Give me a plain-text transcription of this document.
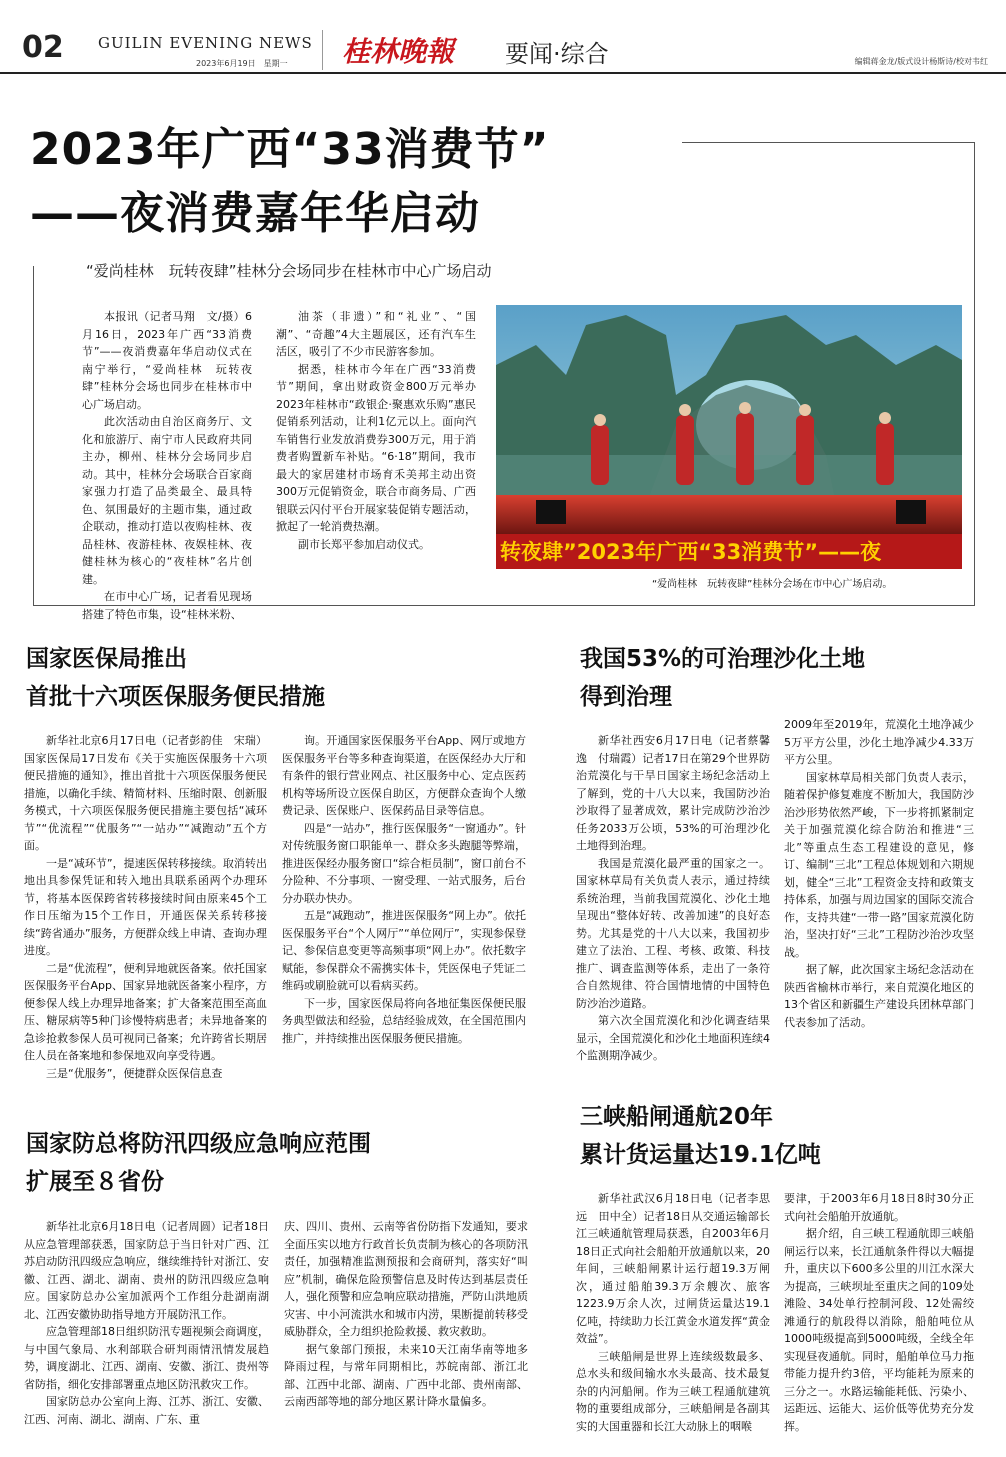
02 GUILIN EVENING NEWS
2023年6月19日　星期一 桂林晚報 要闻·综合	编辑蒋金龙/版式设计杨斯诗/校对韦红
2023年广西“33消费节”
——夜消费嘉年华启动
“爱尚桂林　玩转夜肆”桂林分会场同步在桂林市中心广场启动

本报讯（记者马翔　文/摄）6月16日，2023年广西“33消费节”——夜消费嘉年华启动仪式在南宁举行，“爱尚桂林　玩转夜肆”桂林分会场也同步在桂林市中心广场启动。

此次活动由自治区商务厅、文化和旅游厅、南宁市人民政府共同主办，柳州、桂林分会场同步启动。其中，桂林分会场联合百家商家强力打造了品类最全、最具特色、氛围最好的主题市集，通过政企联动，推动打造以夜购桂林、夜品桂林、夜游桂林、夜娱桂林、夜健桂林为核心的“夜桂林”名片创建。

在市中心广场，记者看见现场搭建了特色市集，设“桂林米粉、

油茶（非遗）”和“礼业”、“国潮”、“奇趣”4大主题展区，还有汽车生活区，吸引了不少市民游客参加。

据悉，桂林市今年在广西“33消费节”期间，拿出财政资金800万元举办2023年桂林市“政银企·聚惠欢乐购”惠民促销系列活动，让利1亿元以上。面向汽车销售行业发放消费券300万元，用于消费者购置新车补贴。“6·18”期间，我市最大的家居建材市场育禾美邦主动出资300万元促销资金，联合市商务局、广西银联云闪付平台开展家装促销专题活动，掀起了一轮消费热潮。

副市长郑平参加启动仪式。	转夜肆”2023年广西“33消费节”——夜
“爱尚桂林　玩转夜肆”桂林分会场在市中心广场启动。
国家医保局推出
首批十六项医保服务便民措施

新华社北京6月17日电（记者彭韵佳　宋瑞）国家医保局17日发布《关于实施医保服务十六项便民措施的通知》，推出首批十六项医保服务便民措施，以确化手续、精简材料、压缩时限、创新服务模式，十六项医保服务便民措施主要包括“减环节”“优流程”“优服务”“一站办”“减跑动”五个方面。

一是“减环节”，提速医保转移接续。取消转出地出具参保凭证和转入地出具联系函两个办理环节，将基本医保跨省转移接续时间由原来45个工作日压缩为15个工作日，开通医保关系转移接续“跨省通办”服务，方便群众线上申请、查询办理进度。

二是“优流程”，便利异地就医备案。依托国家医保服务平台App、国家异地就医备案小程序，方便参保人线上办理异地备案；扩大备案范围至高血压、糖尿病等5种门诊慢特病患者；未异地备案的急诊抢救参保人员可视同已备案；允许跨省长期居住人员在备案地和参保地双向享受待遇。

三是“优服务”，便捷群众医保信息查

询。开通国家医保服务平台App、网厅或地方医保服务平台等多种查询渠道，在医保经办大厅和有条件的银行营业网点、社区服务中心、定点医药机构等场所设立医保自助区，方便群众查询个人缴费记录、医保账户、医保药品目录等信息。

四是“一站办”，推行医保服务“一窗通办”。针对传统服务窗口职能单一、群众多头跑腿等弊端，推进医保经办服务窗口“综合柜员制”，窗口前台不分险种、不分事项、一窗受理、一站式服务，后台分办联办快办。

五是“减跑动”，推进医保服务“网上办”。依托医保服务平台“个人网厅”“单位网厅”，实现参保登记、参保信息变更等高频事项“网上办”。依托数字赋能，参保群众不需携实体卡，凭医保电子凭证二维码或刷脸就可以看病买药。

下一步，国家医保局将向各地征集医保便民服务典型做法和经验，总结经验成效，在全国范围内推广，并持续推出医保服务便民措施。

我国53%的可治理沙化土地
得到治理

新华社西安6月17日电（记者蔡馨逸　付瑞霞）记者17日在第29个世界防治荒漠化与干旱日国家主场纪念活动上了解到，党的十八大以来，我国防沙治沙取得了显著成效，累计完成防沙治沙任务2033万公顷，53%的可治理沙化土地得到治理。

我国是荒漠化最严重的国家之一。国家林草局有关负责人表示，通过持续系统治理，当前我国荒漠化、沙化土地呈现出“整体好转、改善加速”的良好态势。尤其是党的十八大以来，我国初步建立了法治、工程、考核、政策、科技推广、调查监测等体系，走出了一条符合自然规律、符合国情地情的中国特色防沙治沙道路。

第六次全国荒漠化和沙化调查结果显示，全国荒漠化和沙化土地面积连续4个监测期净减少。

2009年至2019年，荒漠化土地净减少5万平方公里，沙化土地净减少4.33万平方公里。

国家林草局相关部门负责人表示，随着保护修复难度不断加大，我国防沙治沙形势依然严峻，下一步将抓紧制定关于加强荒漠化综合防治和推进“三北”等重点生态工程建设的意见，修订、编制“三北”工程总体规划和六期规划，健全“三北”工程资金支持和政策支持体系，加强与周边国家的国际交流合作，支持共建“一带一路”国家荒漠化防治，坚决打好“三北”工程防沙治沙攻坚战。

据了解，此次国家主场纪念活动在陕西省榆林市举行，来自荒漠化地区的13个省区和新疆生产建设兵团林草部门代表参加了活动。

国家防总将防汛四级应急响应范围
扩展至８省份

新华社北京6月18日电（记者周圆）记者18日从应急管理部获悉，国家防总于当日针对广西、江苏启动防汛四级应急响应，继续维持针对浙江、安徽、江西、湖北、湖南、贵州的防汛四级应急响应。国家防总办公室加派两个工作组分赴湖南湖北、江西安徽协助指导地方开展防汛工作。

应急管理部18日组织防汛专题视频会商调度，与中国气象局、水利部联合研判雨情汛情发展趋势，调度湖北、江西、湖南、安徽、浙江、贵州等省防指，细化安排部署重点地区防汛救灾工作。

国家防总办公室向上海、江苏、浙江、安徽、江西、河南、湖北、湖南、广东、重

庆、四川、贵州、云南等省份防指下发通知，要求全面压实以地方行政首长负责制为核心的各项防汛责任，加强精准监测预报和会商研判，落实好“叫应”机制，确保危险预警信息及时传达到基层责任人，强化预警和应急响应联动措施，严防山洪地质灾害、中小河流洪水和城市内涝，果断提前转移受威胁群众，全力组织抢险救援、救灾救助。

据气象部门预报，未来10天江南华南等地多降雨过程，与常年同期相比，苏皖南部、浙江北部、江西中北部、湖南、广西中北部、贵州南部、云南西部等地的部分地区累计降水量偏多。

三峡船闸通航20年
累计货运量达19.1亿吨

新华社武汉6月18日电（记者李思远　田中全）记者18日从交通运输部长江三峡通航管理局获悉，自2003年6月18日正式向社会船舶开放通航以来，20年间，三峡船闸累计运行超19.3万闸次，通过船舶39.3万余艘次、旅客1223.9万余人次，过闸货运量达19.1亿吨，持续助力长江黄金水道发挥“黄金效益”。

三峡船闸是世界上连续级数最多、总水头和级间输水水头最高、技术最复杂的内河船闸。作为三峡工程通航建筑物的重要组成部分，三峡船闸是各副其实的大国重器和长江大动脉上的咽喉

要津，于2003年6月18日8时30分正式向社会船舶开放通航。

据介绍，自三峡工程通航即三峡船闸运行以来，长江通航条件得以大幅提升，重庆以下600多公里的川江水深大为提高，三峡坝址至重庆之间的109处滩险、34处单行控制河段、12处需绞滩通行的航段得以消除，船舶吨位从1000吨级提高到5000吨级，全线全年实现昼夜通航。同时，船舶单位马力拖带能力提升约3倍，平均能耗为原来的三分之一。水路运输能耗低、污染小、运距远、运能大、运价低等优势充分发挥。
